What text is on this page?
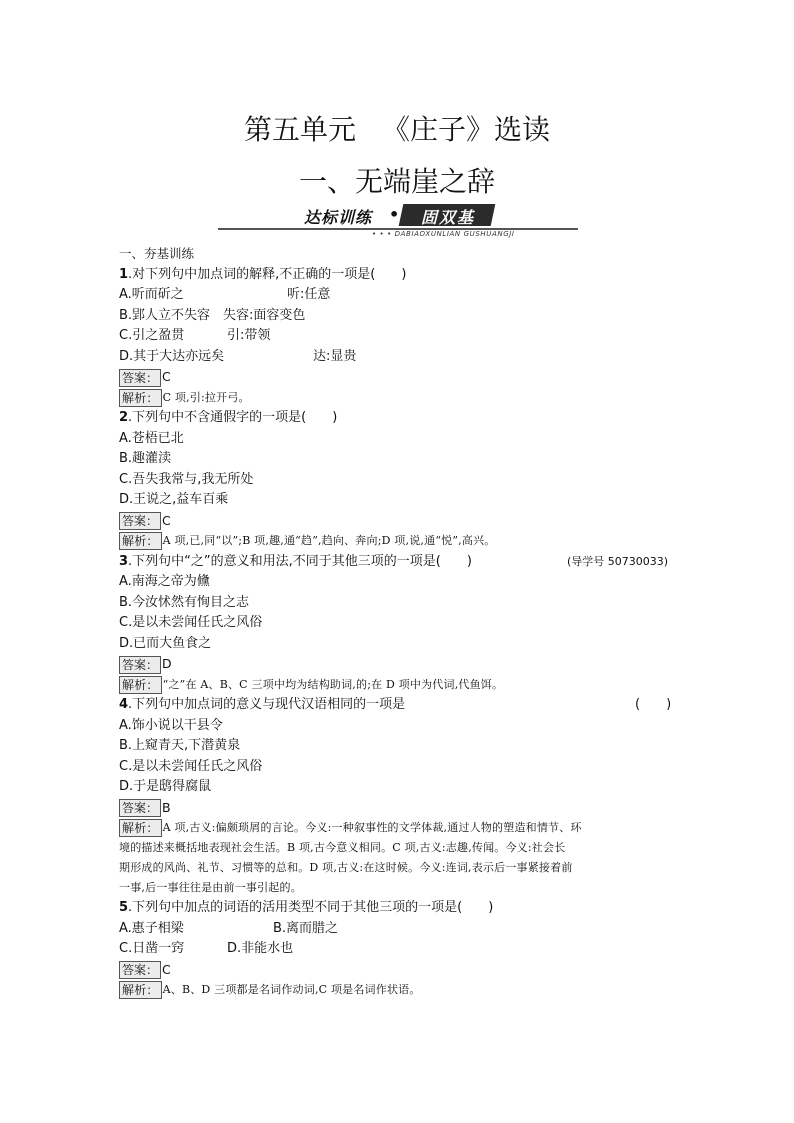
第五单元 《庄子》选读
一、无端崖之辞
达标训练 •	固双基
• • • DABIAOXUNLIAN GUSHUANGJI
一、夯基训练
1.对下列句中加点词的解释,不正确的一项是(　　)
A.听而斫之	听:任意
B.郢人立不失容　失容:面容变色
C.引之盈贯	引:带领
D.其于大达亦远矣	达:显贵
答案： C
解析： C 项,引:拉开弓。
2.下列句中不含通假字的一项是(　　)
A.苍梧已北
B.趣灌渎
C.吾失我常与,我无所处
D.王说之,益车百乘
答案： C
解析： A 项,已,同“以”;B 项,趣,通“趋”,趋向、奔向;D 项,说,通“悦”,高兴。
3.下列句中“之”的意义和用法,不同于其他三项的一项是(　　)	(导学号 50730033)
A.南海之帝为儵
B.今汝怵然有恂目之志
C.是以未尝闻任氏之风俗
D.已而大鱼食之
答案： D
解析： “之”在 A、B、C 三项中均为结构助词,的;在 D 项中为代词,代鱼饵。
4.下列句中加点词的意义与现代汉语相同的一项是	(　　)
A.饰小说以干县令
B.上窥青天,下潜黄泉
C.是以未尝闻任氏之风俗
D.于是鸱得腐鼠
答案： B
解析： A 项,古义:偏颇琐屑的言论。今义:一种叙事性的文学体裁,通过人物的塑造和情节、环
境的描述来概括地表现社会生活。B 项,古今意义相同。C 项,古义:志趣,传闻。今义:社会长
期形成的风尚、礼节、习惯等的总和。D 项,古义:在这时候。今义:连词,表示后一事紧接着前
一事,后一事往往是由前一事引起的。
5.下列句中加点的词语的活用类型不同于其他三项的一项是(　　)
A.惠子相梁	B.离而腊之
C.日凿一窍	D.非能水也
答案： C
解析： A、B、D 三项都是名词作动词,C 项是名词作状语。
